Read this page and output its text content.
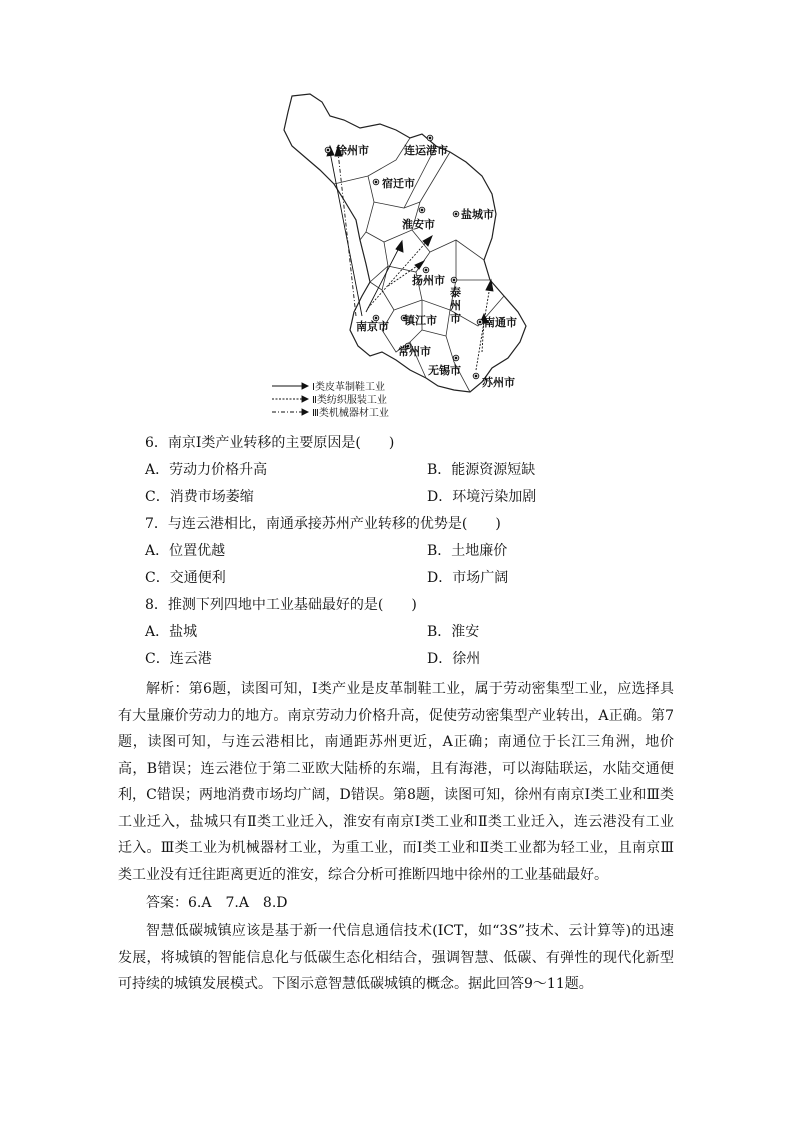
徐州市	连运港市
宿迁市
淮安市
盐城市
扬州市
泰
州
市
南京市 镇江市	南通市
常州市
无锡市
苏州市
Ⅰ类皮革制鞋工业
Ⅱ类纺织服装工业
Ⅲ类机械器材工业
6．南京Ⅰ类产业转移的主要原因是(　　)
A．劳动力价格升高	B．能源资源短缺
C．消费市场萎缩	D．环境污染加剧
7．与连云港相比，南通承接苏州产业转移的优势是(　　)
A．位置优越	B．土地廉价
C．交通便利	D．市场广阔
8．推测下列四地中工业基础最好的是(　　)
A．盐城	B．淮安
C．连云港	D．徐州
解析：第6题，读图可知，Ⅰ类产业是皮革制鞋工业，属于劳动密集型工业，应选择具有大量廉价劳动力的地方。南京劳动力价格升高，促使劳动密集型产业转出，A正确。第7题，读图可知，与连云港相比，南通距苏州更近，A正确；南通位于长江三角洲，地价高，B错误；连云港位于第二亚欧大陆桥的东端，且有海港，可以海陆联运，水陆交通便利，C错误；两地消费市场均广阔，D错误。第8题，读图可知，徐州有南京Ⅰ类工业和Ⅲ类工业迁入，盐城只有Ⅱ类工业迁入，淮安有南京Ⅰ类工业和Ⅱ类工业迁入，连云港没有工业迁入。Ⅲ类工业为机械器材工业，为重工业，而Ⅰ类工业和Ⅱ类工业都为轻工业，且南京Ⅲ类工业没有迁往距离更近的淮安，综合分析可推断四地中徐州的工业基础最好。
答案：6.A　7.A　8.D
智慧低碳城镇应该是基于新一代信息通信技术(ICT，如“3S”技术、云计算等)的迅速发展，将城镇的智能信息化与低碳生态化相结合，强调智慧、低碳、有弹性的现代化新型可持续的城镇发展模式。下图示意智慧低碳城镇的概念。据此回答9～11题。
